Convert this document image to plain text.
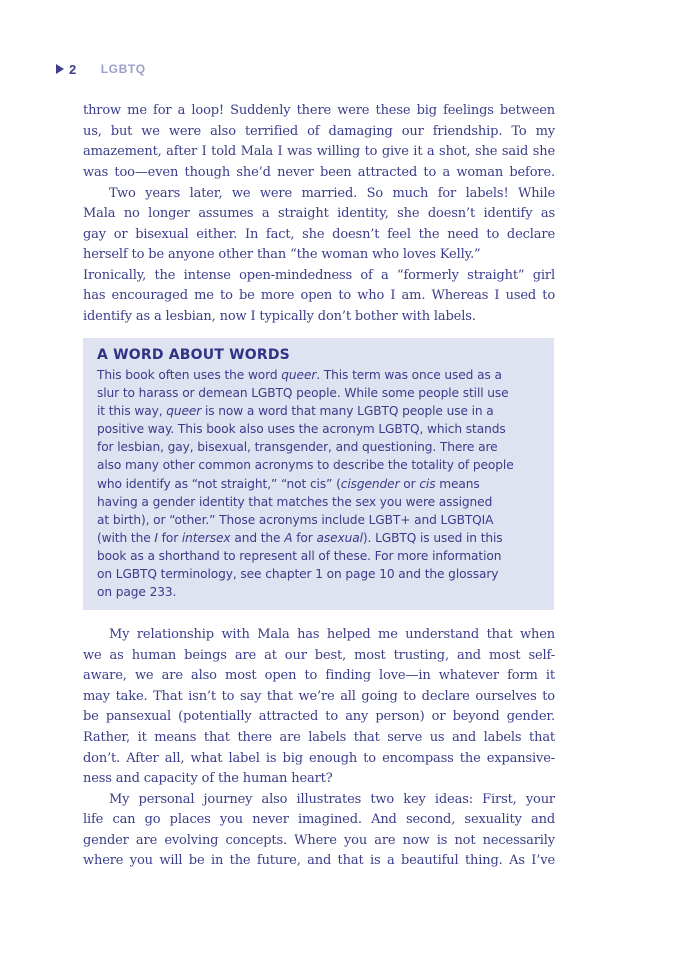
2 LGBTQ
throw me for a loop! Suddenly there were these big feelings between
us, but we were also terrified of damaging our friendship. To my
amazement, after I told Mala I was willing to give it a shot, she said she
was too—even though she’d never been attracted to a woman before.
Two years later, we were married. So much for labels! While
Mala no longer assumes a straight identity, she doesn’t identify as
gay or bisexual either. In fact, she doesn’t feel the need to declare
herself to be anyone other than “the woman who loves Kelly.”
Ironically, the intense open-mindedness of a “formerly straight” girl
has encouraged me to be more open to who I am. Whereas I used to
identify as a lesbian, now I typically don’t bother with labels.
A WORD ABOUT WORDS
This book often uses the word queer. This term was once used as a
slur to harass or demean LGBTQ people. While some people still use
it this way, queer is now a word that many LGBTQ people use in a
positive way. This book also uses the acronym LGBTQ, which stands
for lesbian, gay, bisexual, transgender, and questioning. There are
also many other common acronyms to describe the totality of people
who identify as “not straight,” “not cis” (cisgender or cis means
having a gender identity that matches the sex you were assigned
at birth), or “other.” Those acronyms include LGBT+ and LGBTQIA
(with the I for intersex and the A for asexual). LGBTQ is used in this
book as a shorthand to represent all of these. For more information
on LGBTQ terminology, see chapter 1 on page 10 and the glossary
on page 233.
My relationship with Mala has helped me understand that when
we as human beings are at our best, most trusting, and most self-
aware, we are also most open to finding love—in whatever form it
may take. That isn’t to say that we’re all going to declare ourselves to
be pansexual (potentially attracted to any person) or beyond gender.
Rather, it means that there are labels that serve us and labels that
don’t. After all, what label is big enough to encompass the expansive-
ness and capacity of the human heart?
My personal journey also illustrates two key ideas: First, your
life can go places you never imagined. And second, sexuality and
gender are evolving concepts. Where you are now is not necessarily
where you will be in the future, and that is a beautiful thing. As I’ve
